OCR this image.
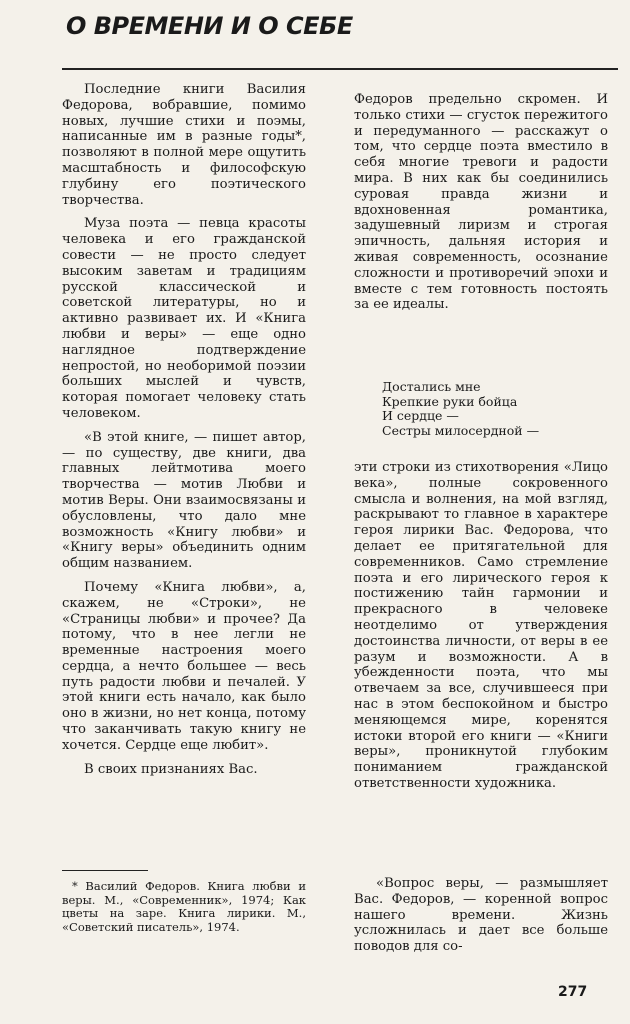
О ВРЕМЕНИ И О СЕБЕ

Последние книги Василия Федорова, вобравшие, помимо новых, лучшие стихи и поэмы, написанные им в разные годы*, позволяют в полной мере ощутить масштабность и философскую глубину его поэтического творчества.

Муза поэта — певца красоты человека и его гражданской совести — не просто следует высоким заветам и традициям русской классической и советской литературы, но и активно развивает их. И «Книга любви и веры» — еще одно наглядное подтверждение непростой, но необоримой поэзии больших мыслей и чувств, которая помогает человеку стать человеком.

«В этой книге, — пишет автор, — по существу, две книги, два главных лейтмотива моего творчества — мотив Любви и мотив Веры. Они взаимосвязаны и обусловлены, что дало мне возможность «Книгу любви» и «Книгу веры» объединить одним общим названием.

Почему «Книга любви», а, скажем, не «Строки», не «Страницы любви» и прочее? Да потому, что в нее легли не временные настроения моего сердца, а нечто большее — весь путь радости любви и печалей. У этой книги есть начало, как было оно в жизни, но нет конца, потому что заканчивать такую книгу не хочется. Сердце еще любит».

В своих признаниях Вас.

* Василий Федоров. Книга любви и веры. М., «Современник», 1974; Как цветы на заре. Книга лирики. М., «Советский писатель», 1974.

Федоров предельно скромен. И только стихи — сгусток пережитого и передуманного — расскажут о том, что сердце поэта вместило в себя многие тревоги и радости мира. В них как бы соединились суровая правда жизни и вдохновенная романтика, задушевный лиризм и строгая эпичность, дальняя история и живая современность, осознание сложности и противоречий эпохи и вместе с тем готовность постоять за ее идеалы.

Достались мне
Крепкие руки бойца
И сердце —
Сестры милосердной —

эти строки из стихотворения «Лицо века», полные сокровенного смысла и волнения, на мой взгляд, раскрывают то главное в характере героя лирики Вас. Федорова, что делает ее притягательной для современников. Само стремление поэта и его лирического героя к постижению тайн гармонии и прекрасного в человеке неотделимо от утверждения достоинства личности, от веры в ее разум и возможности. А в убежденности поэта, что мы отвечаем за все, случившееся при нас в этом беспокойном и быстро меняющемся мире, коренятся истоки второй его книги — «Книги веры», проникнутой глубоким пониманием гражданской ответственности художника.

«Вопрос веры, — размышляет Вас. Федоров, — коренной вопрос нашего времени. Жизнь усложнилась и дает все больше поводов для со-

277
